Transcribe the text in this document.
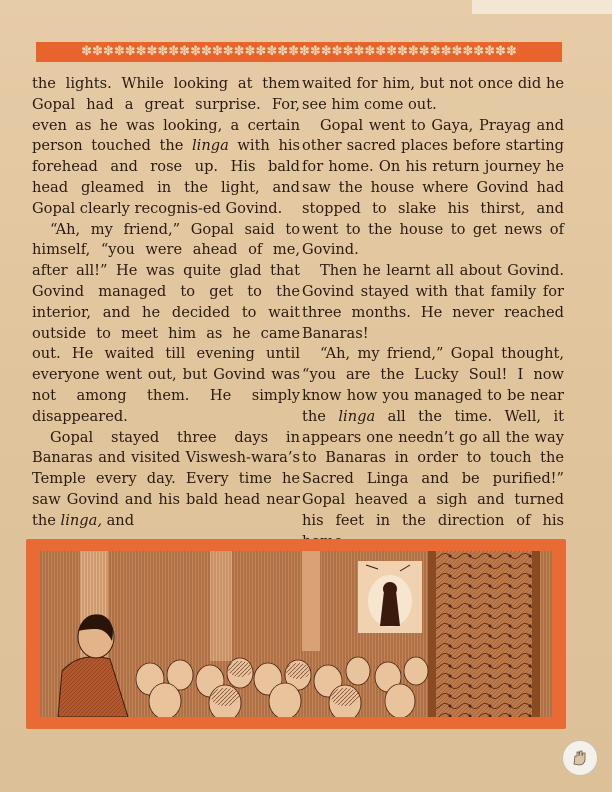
✽✽✽✽✽✽✽✽✽✽✽✽✽✽✽✽✽✽✽✽✽✽✽✽✽✽✽✽✽✽✽✽✽✽✽✽✽✽✽✽

the lights. While looking at them Gopal had a great surprise. For, even as he was looking, a certain person touched the linga with his forehead and rose up. His bald head gleamed in the light, and Gopal clearly recognis-ed Govind.

“Ah, my friend,” Gopal said to himself, “you were ahead of me, after all!” He was quite glad that Govind managed to get to the interior, and he decided to wait outside to meet him as he came out. He waited till evening until everyone went out, but Govind was not among them. He simply disappeared.

Gopal stayed three days in Banaras and visited Viswesh-wara’s Temple every day. Every time he saw Govind and his bald head near the linga, and

waited for him, but not once did he see him come out.

Gopal went to Gaya, Prayag and other sacred places before starting for home. On his return journey he saw the house where Govind had stopped to slake his thirst, and went to the house to get news of Govind.

Then he learnt all about Govind. Govind stayed with that family for three months. He never reached Banaras!

“Ah, my friend,” Gopal thought, “you are the Lucky Soul! I now know how you managed to be near the linga all the time. Well, it appears one needn’t go all the way to Banaras in order to touch the Sacred Linga and be purified!” Gopal heaved a sigh and turned his feet in the direction of his
